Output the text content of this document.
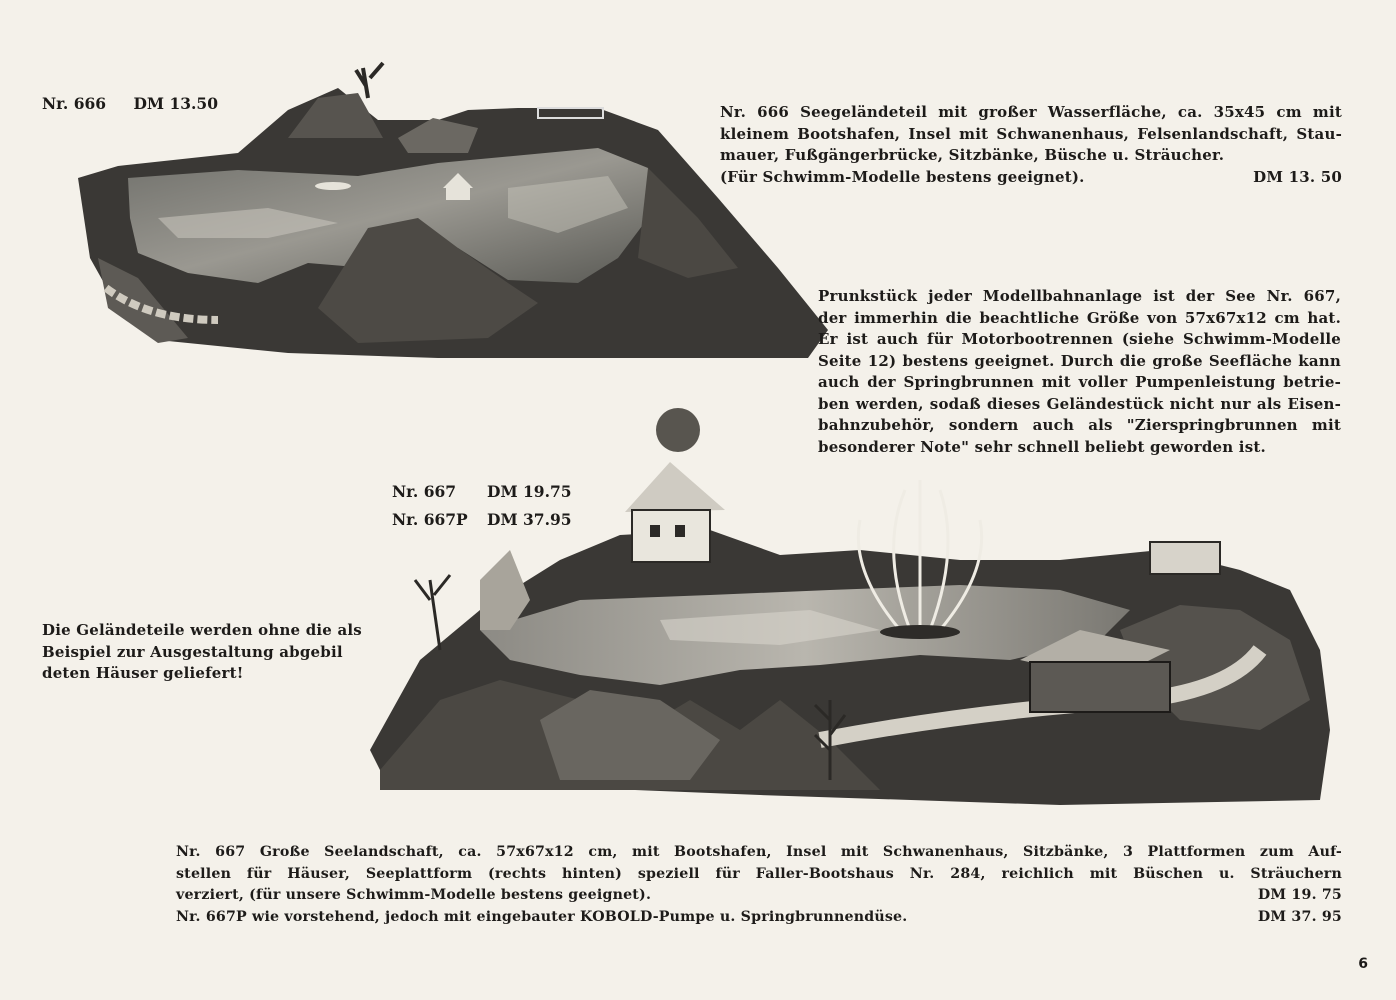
Nr. 666 DM 13.50	Nr. 666 Seegeländeteil mit großer Wasserfläche, ca. 35x45 cm mit
kleinem Bootshafen, Insel mit Schwanenhaus, Felsenlandschaft, Stau-
mauer, Fußgängerbrücke, Sitzbänke, Büsche u. Sträucher.
(Für Schwimm-Modelle bestens geeignet).	DM 13. 50
Prunkstück jeder Modellbahnanlage ist der See Nr. 667,
der immerhin die beachtliche Größe von 57x67x12 cm hat.
Er ist auch für Motorbootrennen (siehe Schwimm-Modelle
Seite 12) bestens geeignet. Durch die große Seefläche kann
auch der Springbrunnen mit voller Pumpenleistung betrie-
ben werden, sodaß dieses Geländestück nicht nur als Eisen-
bahnzubehör, sondern auch als "Zierspringbrunnen mit
besonderer Note" sehr schnell beliebt geworden ist.
Nr. 667 DM 19.75
Nr. 667P DM 37.95
Die Geländeteile werden ohne die als
Beispiel zur Ausgestaltung abgebil
deten Häuser geliefert!
Nr. 667 Große Seelandschaft, ca. 57x67x12 cm, mit Bootshafen, Insel mit Schwanenhaus, Sitzbänke, 3 Plattformen zum Auf-
stellen für Häuser, Seeplattform (rechts hinten) speziell für Faller-Bootshaus Nr. 284, reichlich mit Büschen u. Sträuchern
verziert, (für unsere Schwimm-Modelle bestens geeignet).	DM 19. 75
Nr. 667P wie vorstehend, jedoch mit eingebauter KOBOLD-Pumpe u. Springbrunnendüse.	DM 37. 95
6
